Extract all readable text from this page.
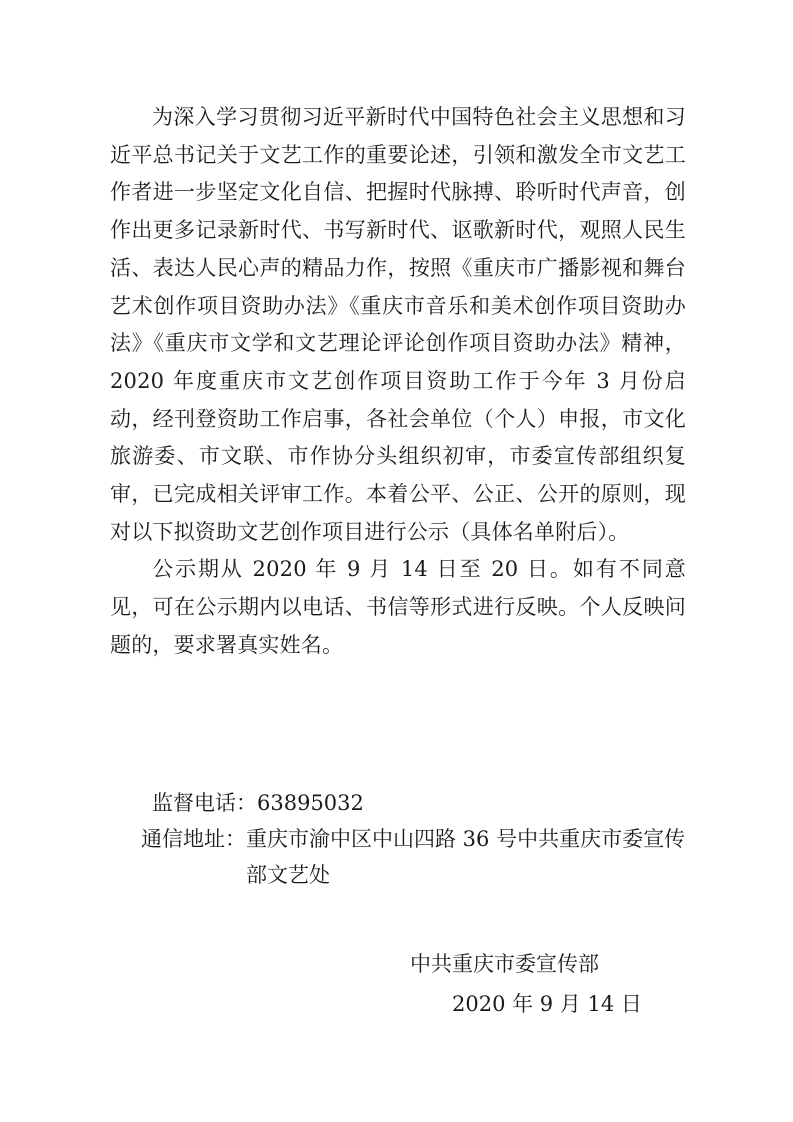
为深入学习贯彻习近平新时代中国特色社会主义思想和习近平总书记关于文艺工作的重要论述，引领和激发全市文艺工作者进一步坚定文化自信、把握时代脉搏、聆听时代声音，创作出更多记录新时代、书写新时代、讴歌新时代，观照人民生活、表达人民心声的精品力作，按照《重庆市广播影视和舞台艺术创作项目资助办法》《重庆市音乐和美术创作项目资助办法》《重庆市文学和文艺理论评论创作项目资助办法》精神，2020 年度重庆市文艺创作项目资助工作于今年 3 月份启动，经刊登资助工作启事，各社会单位（个人）申报，市文化旅游委、市文联、市作协分头组织初审，市委宣传部组织复审，已完成相关评审工作。本着公平、公正、公开的原则，现对以下拟资助文艺创作项目进行公示（具体名单附后）。

公示期从 2020 年 9 月 14 日至 20 日。如有不同意见，可在公示期内以电话、书信等形式进行反映。个人反映问题的，要求署真实姓名。

监督电话： 63895032

通信地址： 重庆市渝中区中山四路 36 号中共重庆市委宣传部文艺处

中共重庆市委宣传部
2020 年 9 月 14 日
